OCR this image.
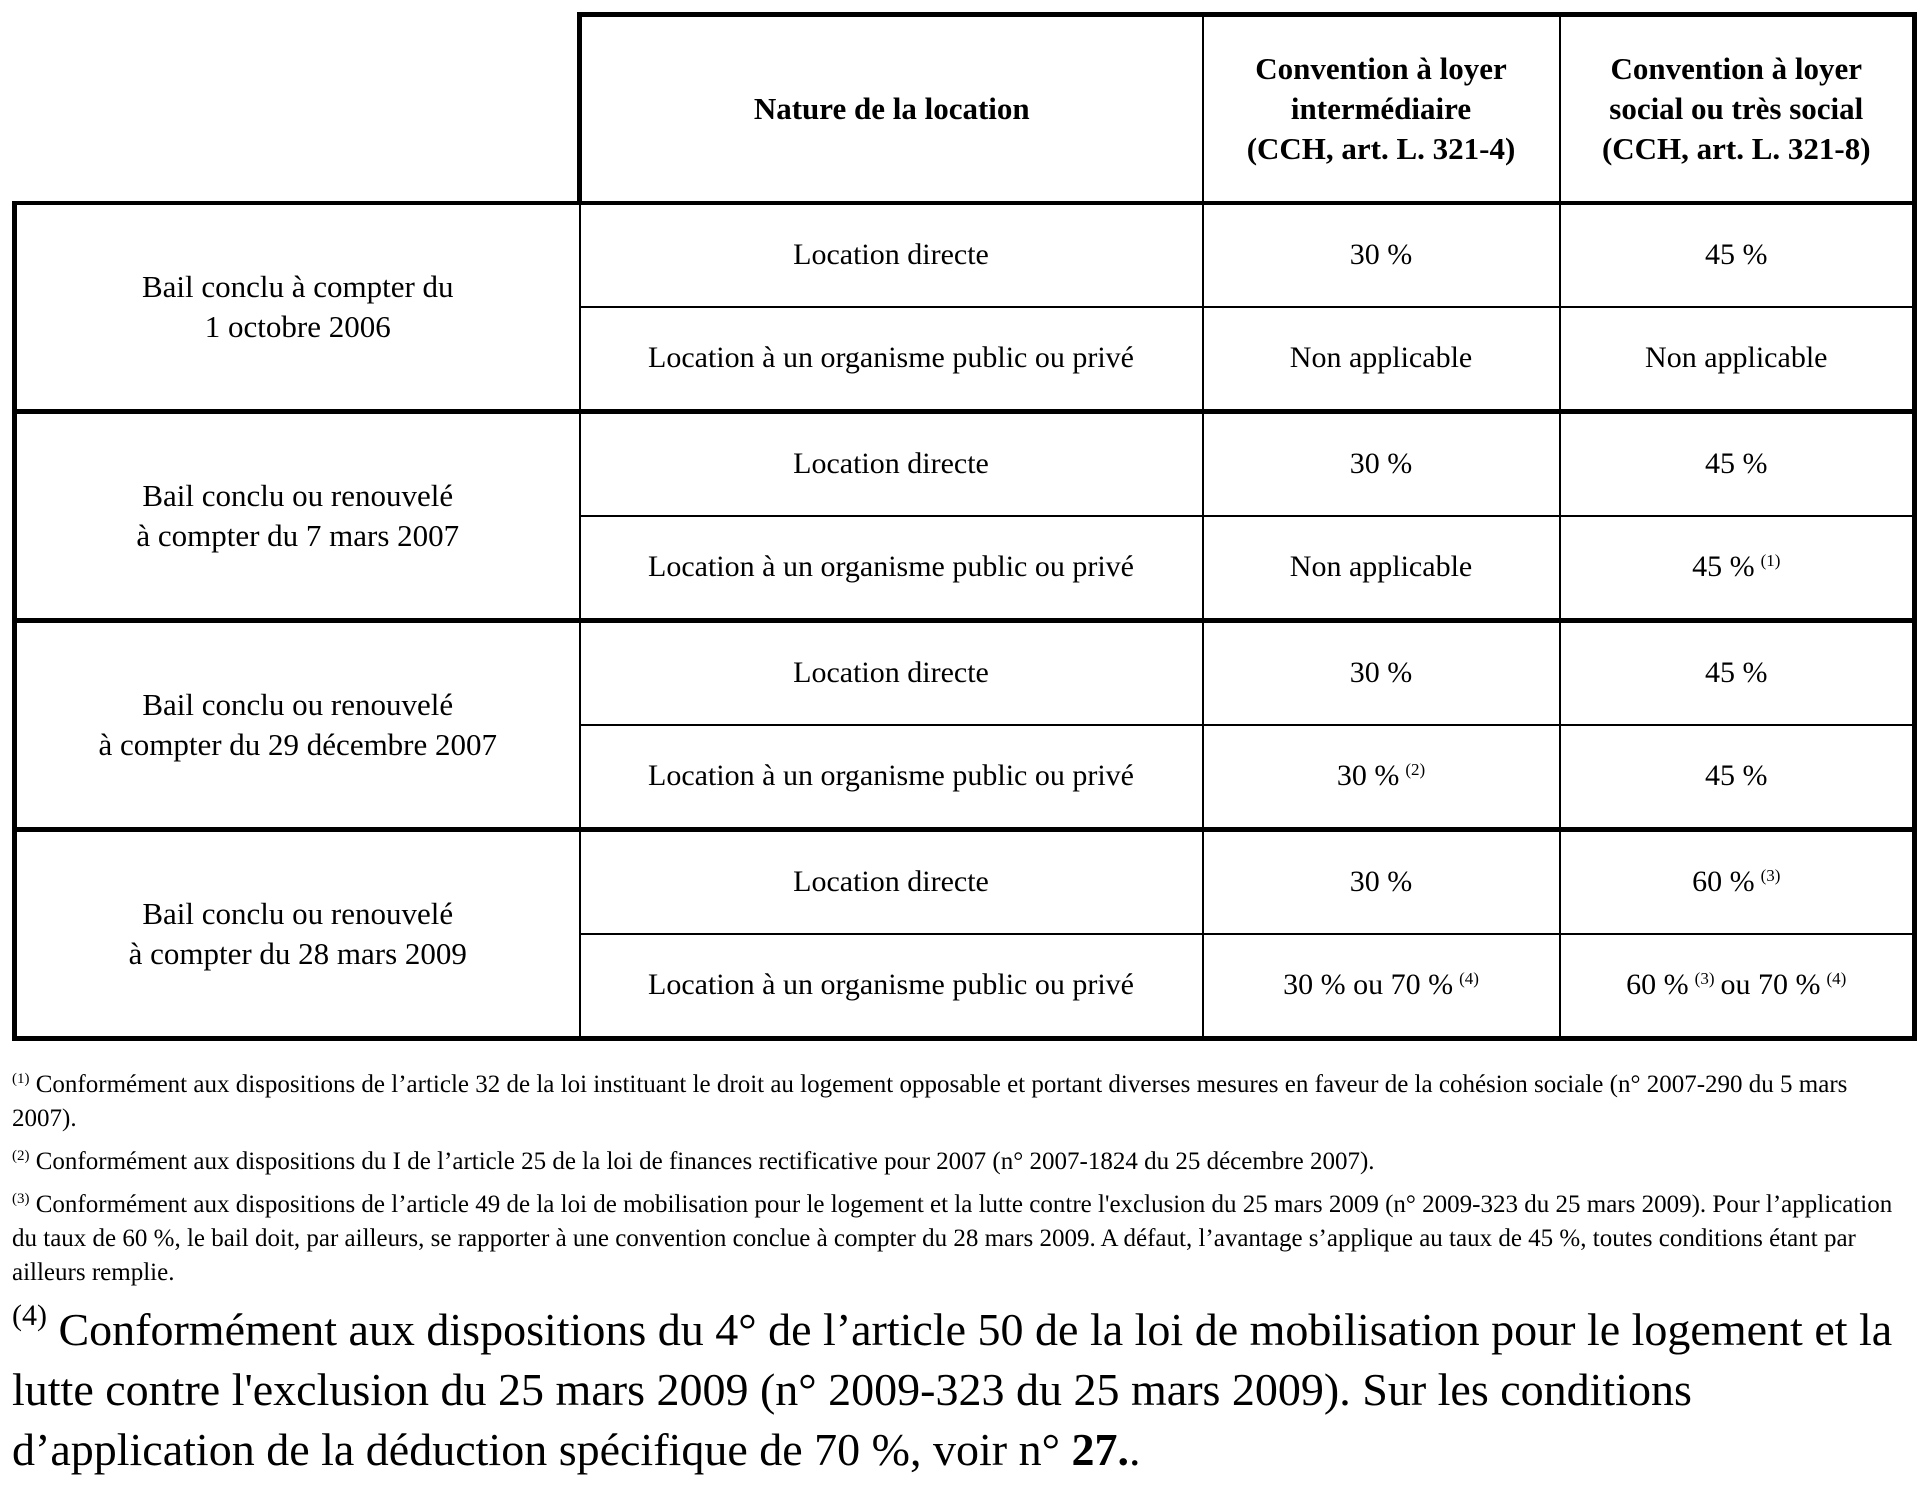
	Nature de la location	Convention à loyer
intermédiaire
(CCH, art. L. 321-4)	Convention à loyer
social ou très social
(CCH, art. L. 321-8)
Bail conclu à compter du
1 octobre 2006	Location directe	30 %	45 %
	Location à un organisme public ou privé	Non applicable	Non applicable
Bail conclu ou renouvelé
à compter du 7 mars 2007	Location directe	30 %	45 %
	Location à un organisme public ou privé	Non applicable	45 % $^{(1)}$
Bail conclu ou renouvelé
à compter du 29 décembre 2007	Location directe	30 %	45 %
	Location à un organisme public ou privé	30 % $^{(2)}$	45 %
Bail conclu ou renouvelé
à compter du 28 mars 2009	Location directe	30 %	60 % $^{(3)}$
	Location à un organisme public ou privé	30 % ou 70 % $^{(4)}$	60 % $^{(3)}$ ou 70 % $^{(4)}$

$^{(1)}$ Conformément aux dispositions de l’article 32 de la loi instituant le droit au logement opposable et portant diverses mesures en faveur de la cohésion sociale (n° 2007-290 du 5 mars 2007).

$^{(2)}$ Conformément aux dispositions du I de l’article 25 de la loi de finances rectificative pour 2007 (n° 2007-1824 du 25 décembre 2007).

$^{(3)}$ Conformément aux dispositions de l’article 49 de la loi de mobilisation pour le logement et la lutte contre l'exclusion du 25 mars 2009 (n° 2009-323 du 25 mars 2009). Pour l’application du taux de 60 %, le bail doit, par ailleurs, se rapporter à une convention conclue à compter du 28 mars 2009. A défaut, l’avantage s’applique au taux de 45 %, toutes conditions étant par ailleurs remplie.

$^{(4)}$ Conformément aux dispositions du 4° de l’article 50 de la loi de mobilisation pour le logement et la lutte contre l'exclusion du 25 mars 2009 (n° 2009-323 du 25 mars 2009). Sur les conditions d’application de la déduction spécifique de 70 %, voir n° 27..
